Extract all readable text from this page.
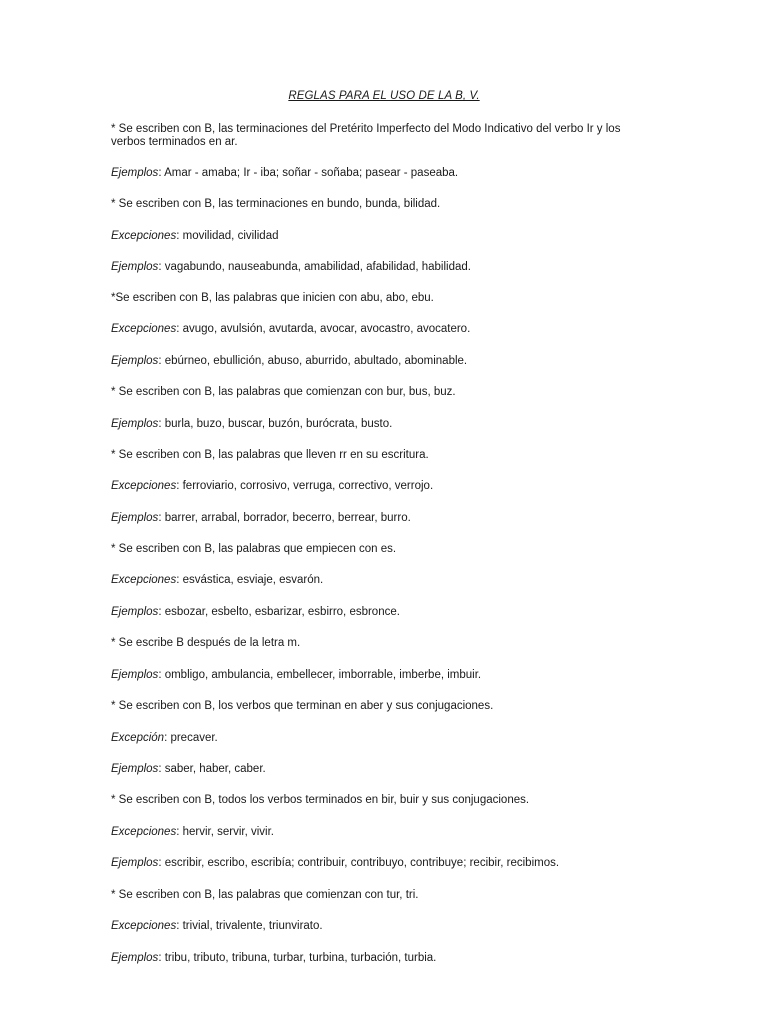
REGLAS PARA EL USO DE LA B, V.
* Se escriben con B, las terminaciones del Pretérito Imperfecto del Modo Indicativo del verbo Ir y los verbos terminados en ar.
Ejemplos: Amar - amaba; Ir - iba; soñar - soñaba; pasear - paseaba.
* Se escriben con B, las terminaciones en bundo, bunda, bilidad.
Excepciones: movilidad, civilidad
Ejemplos: vagabundo, nauseabunda, amabilidad, afabilidad, habilidad.
*Se escriben con B, las palabras que inicien con abu, abo, ebu.
Excepciones: avugo, avulsión, avutarda, avocar, avocastro, avocatero.
Ejemplos: ebúrneo, ebullición, abuso, aburrido, abultado, abominable.
* Se escriben con B, las palabras que comienzan con bur, bus, buz.
Ejemplos: burla, buzo, buscar, buzón, burócrata, busto.
* Se escriben con B, las palabras que lleven rr en su escritura.
Excepciones: ferroviario, corrosivo, verruga, correctivo, verrojo.
Ejemplos: barrer, arrabal, borrador, becerro, berrear, burro.
* Se escriben con B, las palabras que empiecen con es.
Excepciones: esvástica, esviaje, esvarón.
Ejemplos: esbozar, esbelto, esbarizar, esbirro, esbronce.
* Se escribe B después de la letra m.
Ejemplos: ombligo, ambulancia, embellecer, imborrable, imberbe, imbuir.
* Se escriben con B, los verbos que terminan en aber y sus conjugaciones.
Excepción: precaver.
Ejemplos: saber, haber, caber.
* Se escriben con B, todos los verbos terminados en bir, buir y sus conjugaciones.
Excepciones: hervir, servir, vivir.
Ejemplos: escribir, escribo, escribía; contribuir, contribuyo, contribuye; recibir, recibimos.
* Se escriben con B, las palabras que comienzan con tur, tri.
Excepciones: trivial, trivalente, triunvirato.
Ejemplos: tribu, tributo, tribuna, turbar, turbina, turbación, turbia.
